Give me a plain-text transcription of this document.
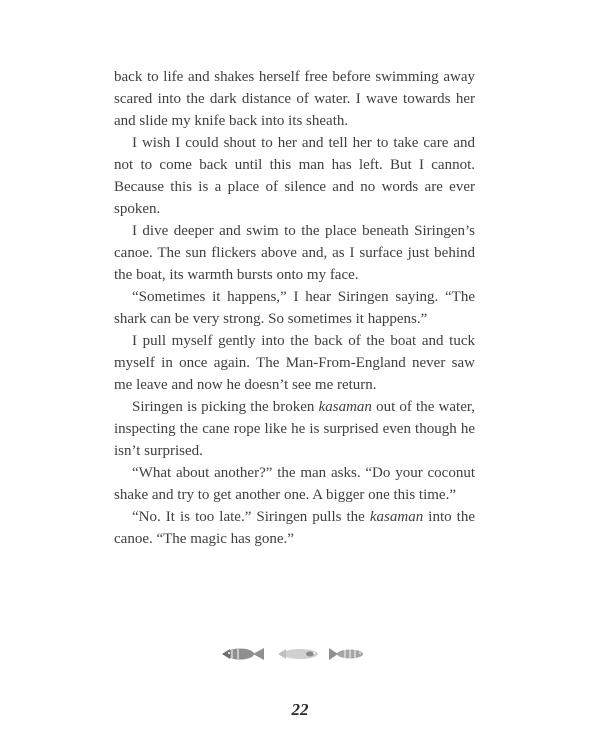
back to life and shakes herself free before swimming away scared into the dark distance of water. I wave towards her and slide my knife back into its sheath.

I wish I could shout to her and tell her to take care and not to come back until this man has left. But I cannot. Because this is a place of silence and no words are ever spoken.

I dive deeper and swim to the place beneath Siringen’s canoe. The sun flickers above and, as I surface just behind the boat, its warmth bursts onto my face.

“Sometimes it happens,” I hear Siringen saying. “The shark can be very strong. So sometimes it happens.”

I pull myself gently into the back of the boat and tuck myself in once again. The Man-From-England never saw me leave and now he doesn’t see me return.

Siringen is picking the broken kasaman out of the water, inspecting the cane rope like he is surprised even though he isn’t surprised.

“What about another?” the man asks. “Do your coconut shake and try to get another one. A bigger one this time.”

“No. It is too late.” Siringen pulls the kasaman into the canoe. “The magic has gone.”

22
